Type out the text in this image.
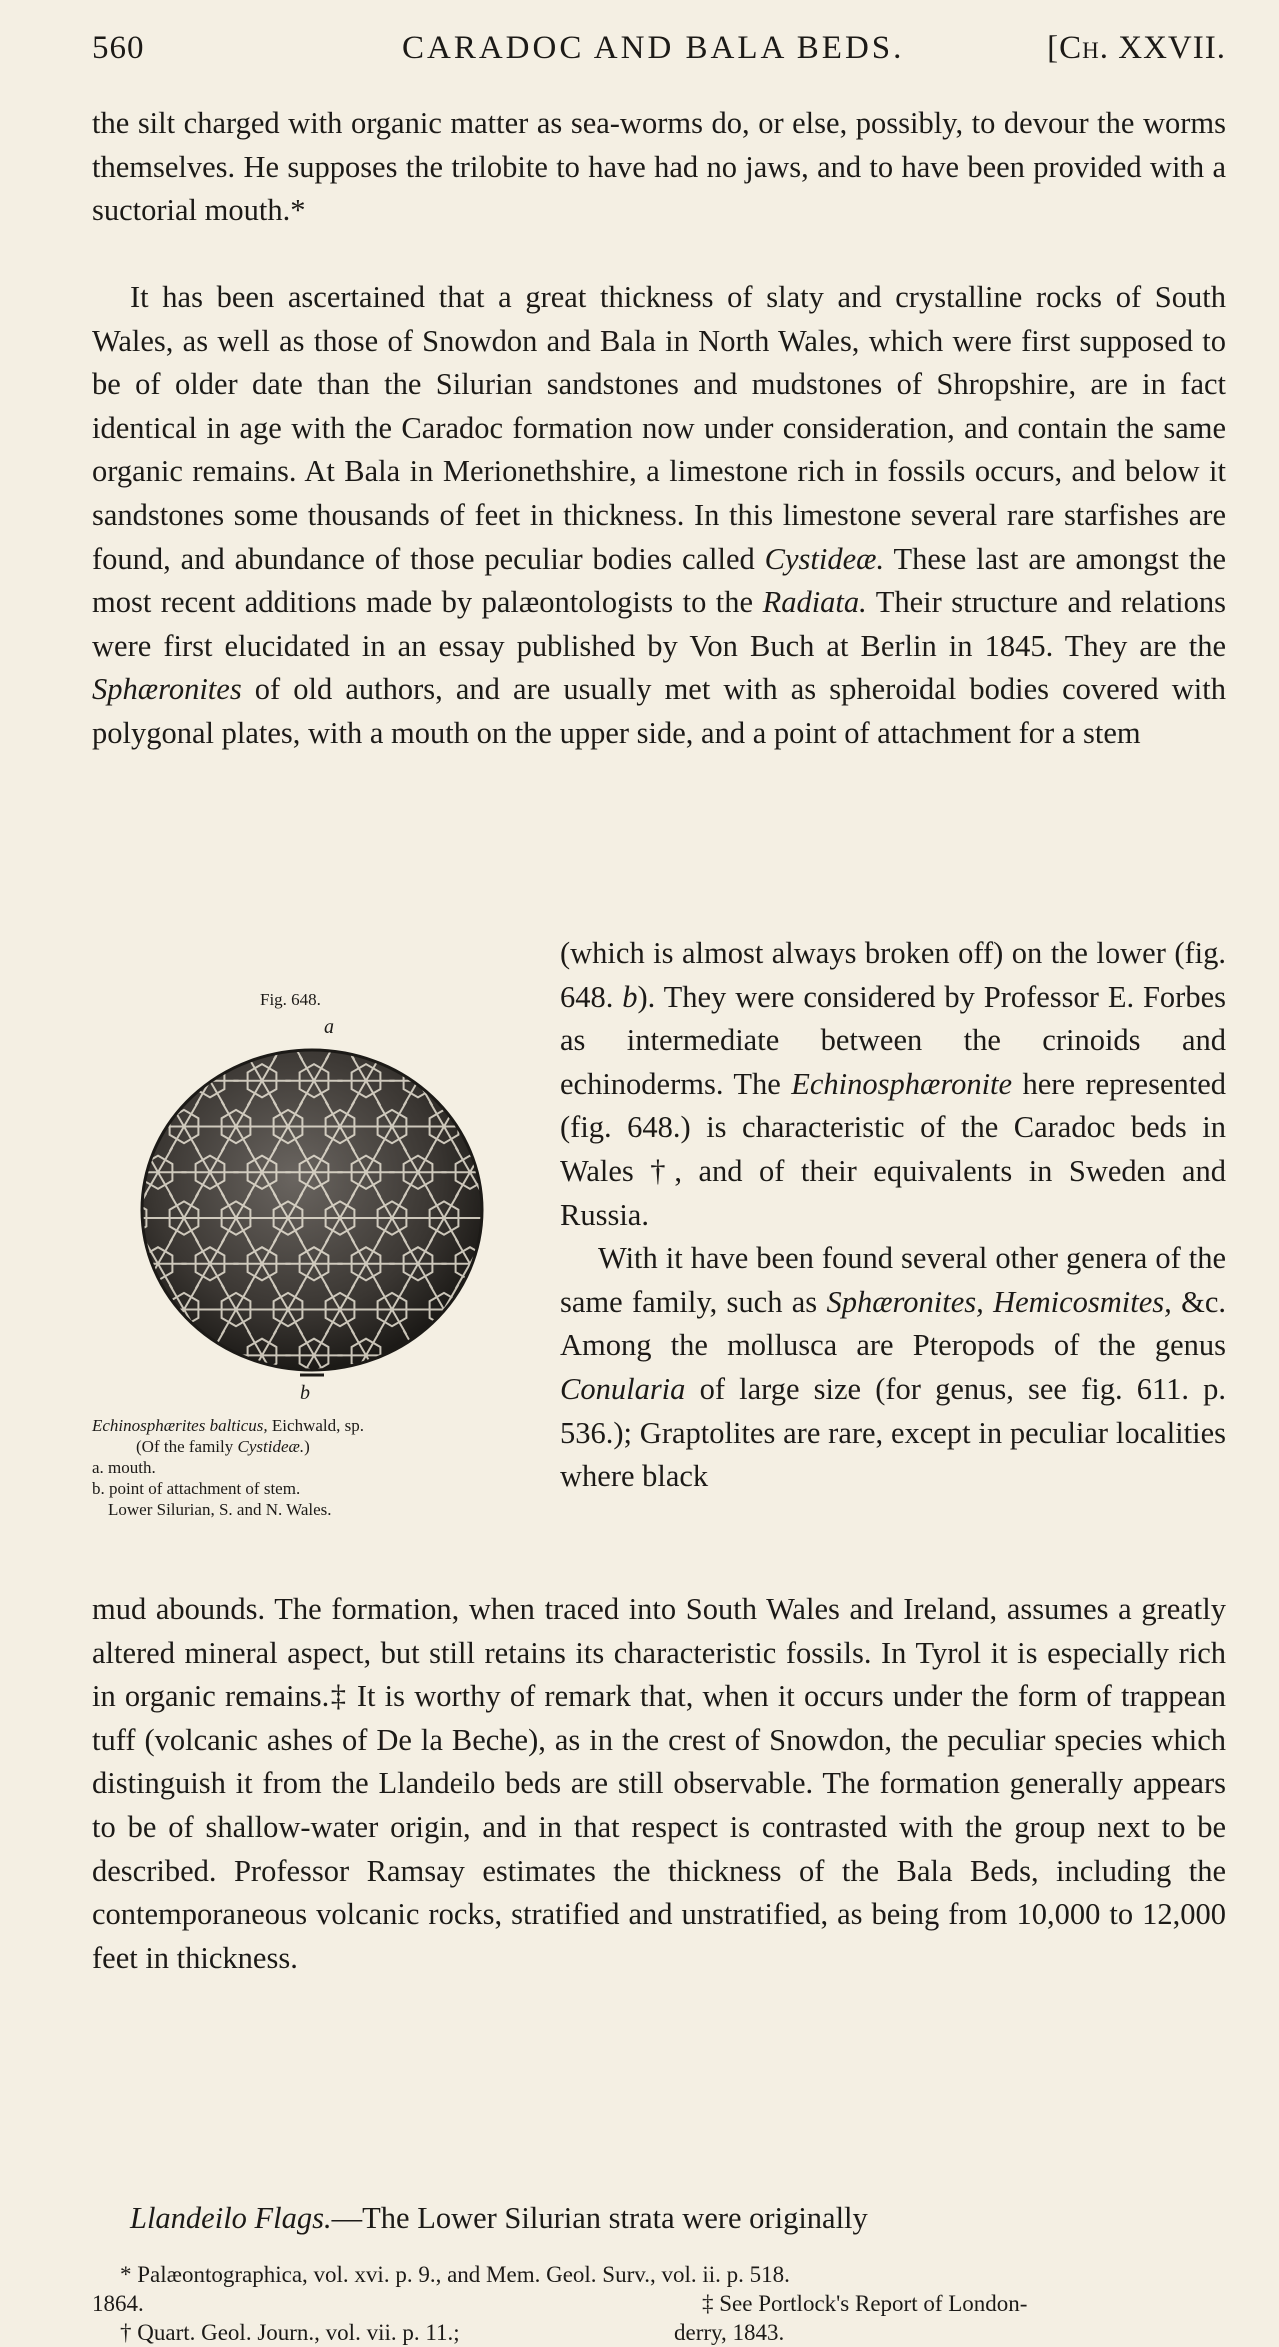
560	CARADOC AND BALA BEDS.	[Ch. XXVII.
the silt charged with organic matter as sea-worms do, or else, possibly, to devour the worms themselves. He supposes the trilobite to have had no jaws, and to have been provided with a suctorial mouth.*
It has been ascertained that a great thickness of slaty and crystalline rocks of South Wales, as well as those of Snowdon and Bala in North Wales, which were first supposed to be of older date than the Silurian sandstones and mudstones of Shropshire, are in fact identical in age with the Caradoc formation now under consideration, and contain the same organic remains. At Bala in Merionethshire, a limestone rich in fossils occurs, and below it sandstones some thousands of feet in thickness. In this limestone several rare starfishes are found, and abundance of those peculiar bodies called Cystideæ. These last are amongst the most recent additions made by palæontologists to the Radiata. Their structure and relations were first elucidated in an essay published by Von Buch at Berlin in 1845. They are the Sphæronites of old authors, and are usually met with as spheroidal bodies covered with polygonal plates, with a mouth on the upper side, and a point of attachment for a stem
Fig. 648.
a
b
Echinosphærites balticus, Eichwald, sp.
(Of the family Cystideæ.)
a. mouth.
b. point of attachment of stem.
Lower Silurian, S. and N. Wales.
(which is almost always broken off) on the lower (fig. 648. b). They were considered by Professor E. Forbes as intermediate between the crinoids and echinoderms. The Echinosphæronite here represented (fig. 648.) is characteristic of the Caradoc beds in Wales †, and of their equivalents in Sweden and Russia.
With it have been found several other genera of the same family, such as Sphæronites, Hemicosmites, &c. Among the mollusca are Pteropods of the genus Conularia of large size (for genus, see fig. 611. p. 536.); Graptolites are rare, except in peculiar localities where black
mud abounds. The formation, when traced into South Wales and Ireland, assumes a greatly altered mineral aspect, but still retains its characteristic fossils. In Tyrol it is especially rich in organic remains.‡ It is worthy of remark that, when it occurs under the form of trappean tuff (volcanic ashes of De la Beche), as in the crest of Snowdon, the peculiar species which distinguish it from the Llandeilo beds are still observable. The formation generally appears to be of shallow-water origin, and in that respect is contrasted with the group next to be described. Professor Ramsay estimates the thickness of the Bala Beds, including the contemporaneous volcanic rocks, stratified and unstratified, as being from 10,000 to 12,000 feet in thickness.
Llandeilo Flags.—The Lower Silurian strata were originally
* Palæontographica, vol. xvi. p. 9., and Mem. Geol. Surv., vol. ii. p. 518.
1864.
† Quart. Geol. Journ., vol. vii. p. 11.;
‡ See Portlock's Report of London-
derry, 1843.
